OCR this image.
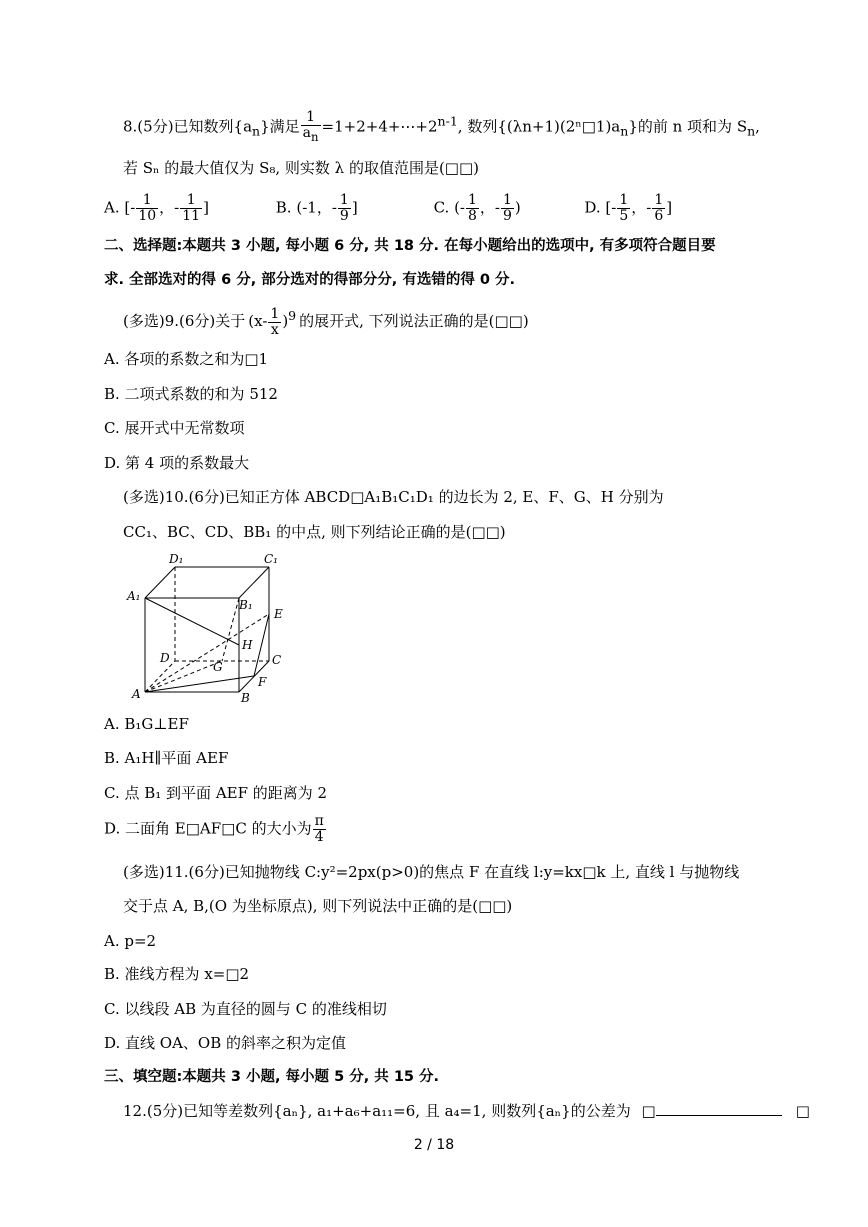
8.(5分)已知数列$\{a_n\}$满足 $\frac{1}{a_n}$ $=1+2+4+\cdots+2^{n-1}$, 数列$\{(\lambda n+1)(2^n□1)a_n\}$的前 n 项和为 $S_n$,
若 Sₙ 的最大值仅为 S₈, 则实数 λ 的取值范围是(□□)
A. [- $\frac{1}{10}$ ，- $\frac{1}{11}$ ]	B. (-1，- $\frac{1}{9}$ ]	C. (- $\frac{1}{8}$ ，- $\frac{1}{9}$ )	D. [- $\frac{1}{5}$ ，- $\frac{1}{6}$ ]
二、选择题:本题共 3 小题, 每小题 6 分, 共 18 分. 在每小题给出的选项中, 有多项符合题目要
求. 全部选对的得 6 分, 部分选对的得部分分, 有选错的得 0 分.
(多选)9.(6分)关于 $(x- \frac{1}{x} )^9$ 的展开式, 下列说法正确的是(□□)
A. 各项的系数之和为□1
B. 二项式系数的和为 512
C. 展开式中无常数项
D. 第 4 项的系数最大
(多选)10.(6分)已知正方体 ABCD□A₁B₁C₁D₁ 的边长为 2, E、F、G、H 分别为
CC₁、BC、CD、BB₁ 的中点, 则下列结论正确的是(□□)
D₁	C₁
A₁
B₁
E
H
D
G	C
F
A	B
A. B₁G⊥EF
B. A₁H∥平面 AEF
C. 点 B₁ 到平面 AEF 的距离为 2
D. 二面角 E□AF□C 的大小为 $\frac{\pi}{4}$
(多选)11.(6分)已知抛物线 C:y²=2px(p>0)的焦点 F 在直线 l:y=kx□k 上, 直线 l 与抛物线
交于点 A, B,(O 为坐标原点), 则下列说法中正确的是(□□)
A. p=2
B. 准线方程为 x=□2
C. 以线段 AB 为直径的圆与 C 的准线相切
D. 直线 OA、OB 的斜率之积为定值
三、填空题:本题共 3 小题, 每小题 5 分, 共 15 分.
12.(5分)已知等差数列{aₙ}, a₁+a₆+a₁₁=6, 且 a₄=1, 则数列{aₙ}的公差为 □	□
2 / 18
